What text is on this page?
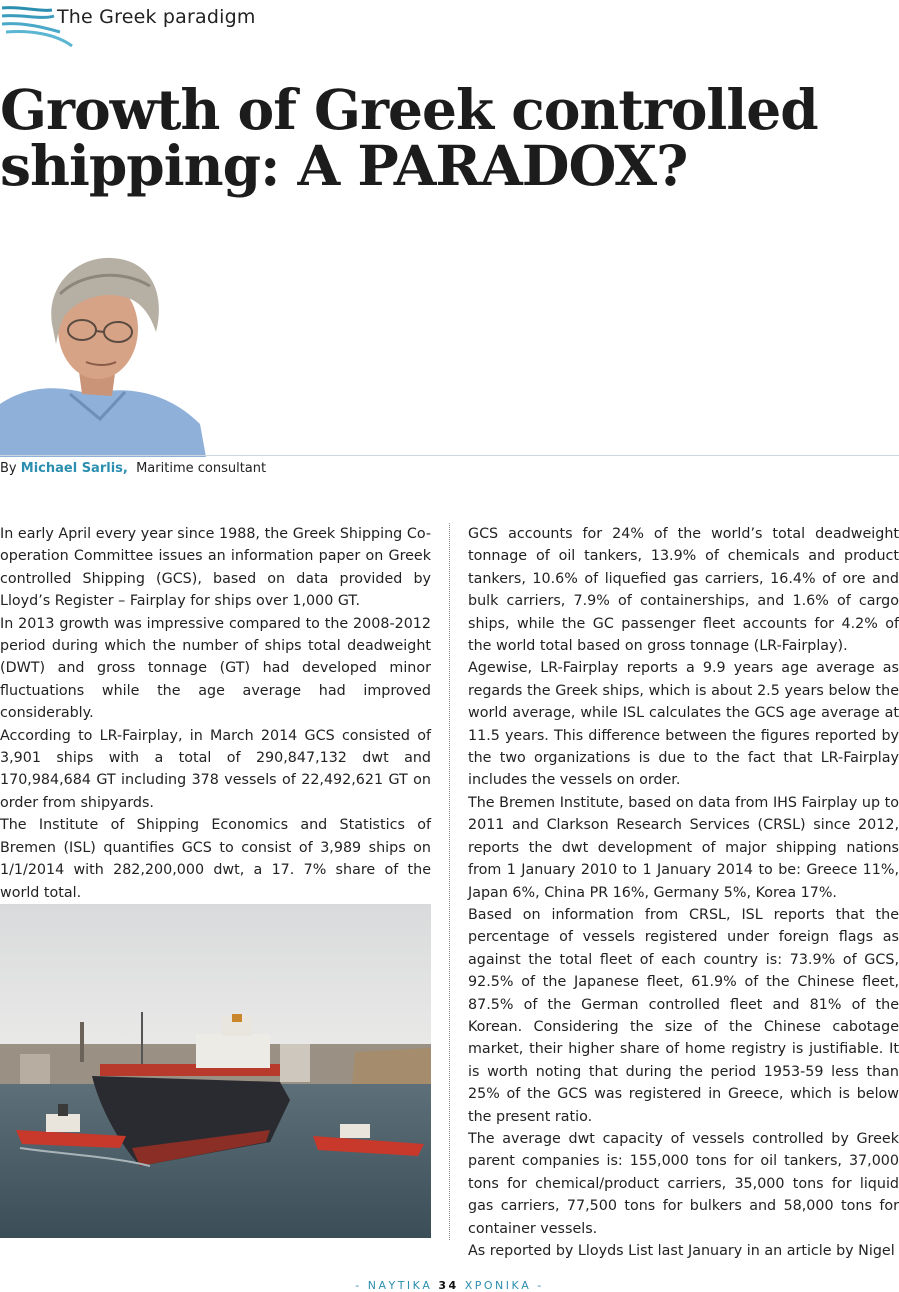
The Greek paradigm
Growth of Greek controlled shipping: A PARADOX?
By Michael Sarlis, Maritime consultant

In early April every year since 1988, the Greek Shipping Co-operation Committee issues an information paper on Greek controlled Shipping (GCS), based on data provided by Lloyd’s Register – Fairplay for ships over 1,000 GT.

In 2013 growth was impressive compared to the 2008-2012 period during which the number of ships total deadweight (DWT) and gross tonnage (GT) had developed minor fluctuations while the age average had improved considerably.

According to LR-Fairplay, in March 2014 GCS consisted of 3,901 ships with a total of 290,847,132 dwt and 170,984,684 GT including 378 vessels of 22,492,621 GT on order from shipyards.

The Institute of Shipping Economics and Statistics of Bremen (ISL) quantifies GCS to consist of 3,989 ships on 1/1/2014 with 282,200,000 dwt, a 17. 7% share of the world total.

GCS accounts for 24% of the world’s total deadweight tonnage of oil tankers, 13.9% of chemicals and product tankers, 10.6% of liquefied gas carriers, 16.4% of ore and bulk carriers, 7.9% of containerships, and 1.6% of cargo ships, while the GC passenger fleet accounts for 4.2% of the world total based on gross tonnage (LR-Fairplay).

Agewise, LR-Fairplay reports a 9.9 years age average as regards the Greek ships, which is about 2.5 years below the world average, while ISL calculates the GCS age average at 11.5 years. This difference between the figures reported by the two organizations is due to the fact that LR-Fairplay includes the vessels on order.

The Bremen Institute, based on data from IHS Fairplay up to 2011 and Clarkson Research Services (CRSL) since 2012, reports the dwt development of major shipping nations from 1 January 2010 to 1 January 2014 to be: Greece 11%, Japan 6%, China PR 16%, Germany 5%, Korea 17%.

Based on information from CRSL, ISL reports that the percentage of vessels registered under foreign flags as against the total fleet of each country is: 73.9% of GCS, 92.5% of the Japanese fleet, 61.9% of the Chinese fleet, 87.5% of the German controlled fleet and 81% of the Korean. Considering the size of the Chinese cabotage market, their higher share of home registry is justifiable. It is worth noting that during the period 1953-59 less than 25% of the GCS was registered in Greece, which is below the present ratio.

The average dwt capacity of vessels controlled by Greek parent companies is: 155,000 tons for oil tankers, 37,000 tons for chemical/product carriers, 35,000 tons for liquid gas carriers, 77,500 tons for bulkers and 58,000 tons for container vessels.

As reported by Lloyds List last January in an article by Nigel

- ΝΑΥΤΙΚΑ 34 ΧΡΟΝΙΚΑ -
